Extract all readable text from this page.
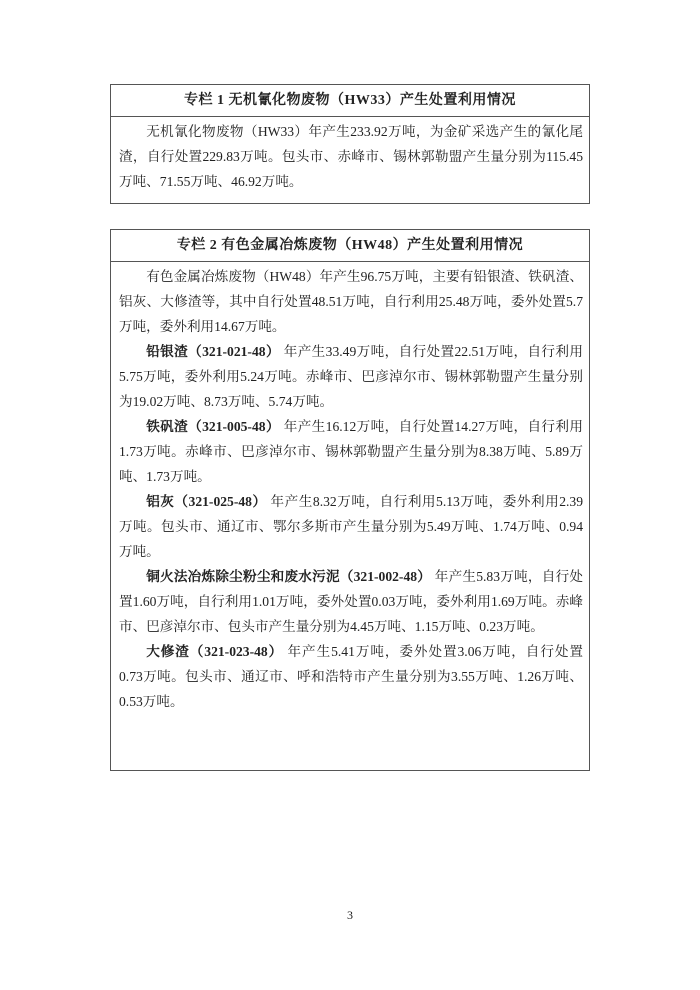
专栏 1 无机氰化物废物（HW33）产生处置利用情况

无机氰化物废物（HW33）年产生233.92万吨，为金矿采选产生的氰化尾渣，自行处置229.83万吨。包头市、赤峰市、锡林郭勒盟产生量分别为115.45万吨、71.55万吨、46.92万吨。

专栏 2 有色金属冶炼废物（HW48）产生处置利用情况

有色金属冶炼废物（HW48）年产生96.75万吨，主要有铅银渣、铁矾渣、铝灰、大修渣等，其中自行处置48.51万吨，自行利用25.48万吨，委外处置5.7万吨，委外利用14.67万吨。

铅银渣（321-021-48） 年产生33.49万吨，自行处置22.51万吨，自行利用5.75万吨，委外利用5.24万吨。赤峰市、巴彦淖尔市、锡林郭勒盟产生量分别为19.02万吨、8.73万吨、5.74万吨。

铁矾渣（321-005-48） 年产生16.12万吨，自行处置14.27万吨，自行利用1.73万吨。赤峰市、巴彦淖尔市、锡林郭勒盟产生量分别为8.38万吨、5.89万吨、1.73万吨。

铝灰（321-025-48） 年产生8.32万吨，自行利用5.13万吨，委外利用2.39万吨。包头市、通辽市、鄂尔多斯市产生量分别为5.49万吨、1.74万吨、0.94万吨。

铜火法冶炼除尘粉尘和废水污泥（321-002-48） 年产生5.83万吨，自行处置1.60万吨，自行利用1.01万吨，委外处置0.03万吨，委外利用1.69万吨。赤峰市、巴彦淖尔市、包头市产生量分别为4.45万吨、1.15万吨、0.23万吨。

大修渣（321-023-48） 年产生5.41万吨，委外处置3.06万吨，自行处置0.73万吨。包头市、通辽市、呼和浩特市产生量分别为3.55万吨、1.26万吨、0.53万吨。

3
